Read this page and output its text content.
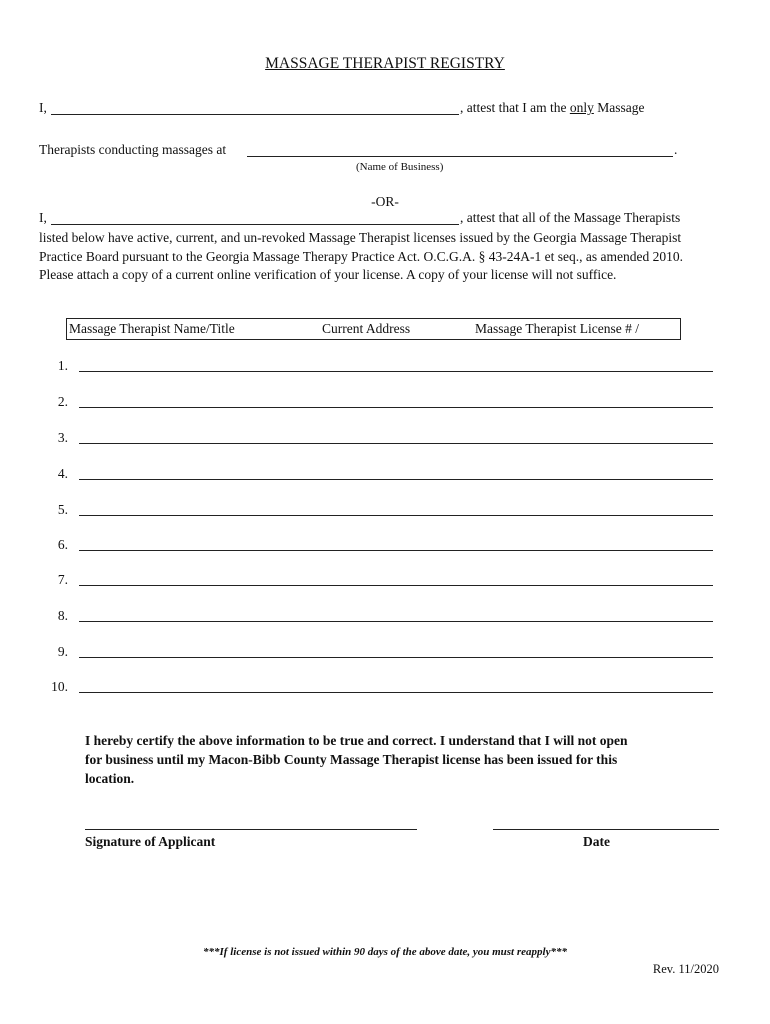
MASSAGE THERAPIST REGISTRY
I,	, attest that I am the only Massage
Therapists conducting massages at	.
(Name of Business)
-OR-
I,	, attest that all of the Massage Therapists
listed below have active, current, and un-revoked Massage Therapist licenses issued by the Georgia Massage Therapist Practice Board pursuant to the Georgia Massage Therapy Practice Act. O.C.G.A. § 43-24A-1 et seq., as amended 2010. Please attach a copy of a current online verification of your license. A copy of your license will not suffice.
Massage Therapist Name/Title	Current Address	Massage Therapist License # /
1.
2.
3.
4.
5.
6.
7.
8.
9.
10.
I hereby certify the above information to be true and correct. I understand that I will not open for business until my Macon-Bibb County Massage Therapist license has been issued for this location.
Signature of Applicant	Date
***If license is not issued within 90 days of the above date, you must reapply***
Rev. 11/2020
